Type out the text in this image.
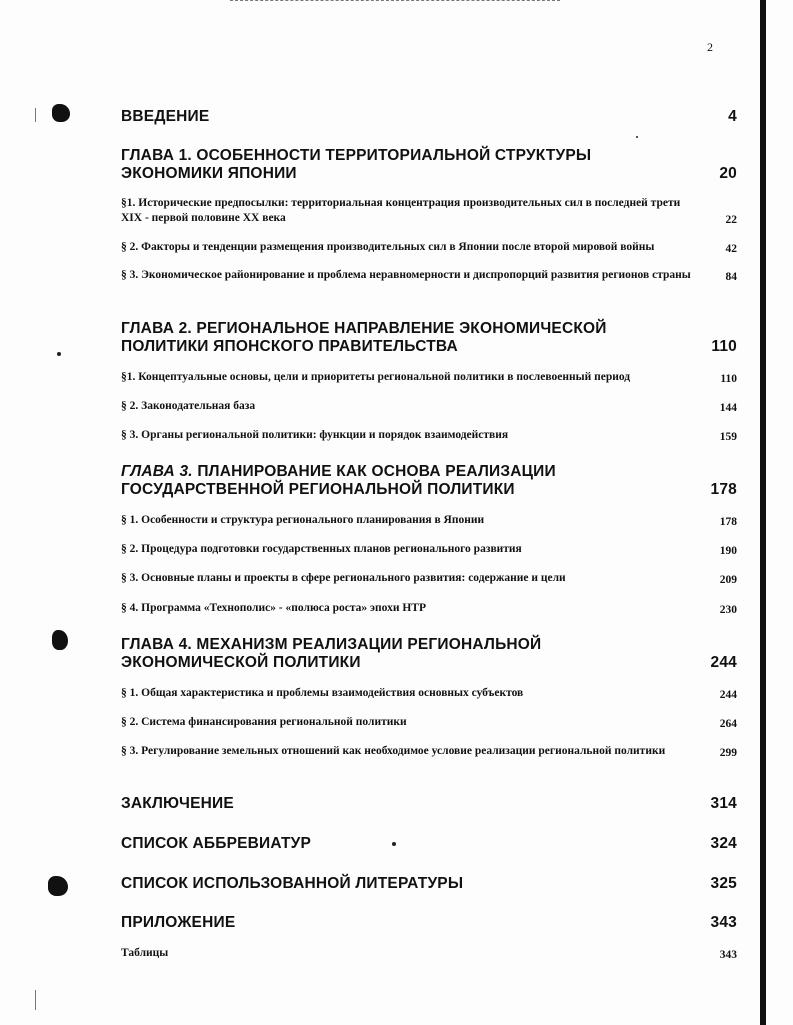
2
ВВЕДЕНИЕ	4
ГЛАВА 1. ОСОБЕННОСТИ ТЕРРИТОРИАЛЬНОЙ СТРУКТУРЫ ЭКОНОМИКИ ЯПОНИИ	20
§1. Исторические предпосылки: территориальная концентрация производительных сил в последней трети XIX - первой половине XX века	22
§ 2. Факторы и тенденции размещения производительных сил в Японии после второй мировой войны	42
§ 3. Экономическое районирование и проблема неравномерности и диспропорций развития регионов страны	84
ГЛАВА 2. РЕГИОНАЛЬНОЕ НАПРАВЛЕНИЕ ЭКОНОМИЧЕСКОЙ ПОЛИТИКИ ЯПОНСКОГО ПРАВИТЕЛЬСТВА	110
§1. Концептуальные основы, цели и приоритеты региональной политики в послевоенный период	110
§ 2. Законодательная база	144
§ 3. Органы региональной политики: функции и порядок взаимодействия	159
ГЛАВА 3. ПЛАНИРОВАНИЕ КАК ОСНОВА РЕАЛИЗАЦИИ ГОСУДАРСТВЕННОЙ РЕГИОНАЛЬНОЙ ПОЛИТИКИ	178
§ 1. Особенности и структура регионального планирования в Японии	178
§ 2. Процедура подготовки государственных планов регионального развития	190
§ 3. Основные планы и проекты в сфере регионального развития: содержание и цели	209
§ 4. Программа «Технополис» - «полюса роста» эпохи НТР	230
ГЛАВА 4. МЕХАНИЗМ РЕАЛИЗАЦИИ РЕГИОНАЛЬНОЙ ЭКОНОМИЧЕСКОЙ ПОЛИТИКИ	244
§ 1. Общая характеристика и проблемы взаимодействия основных субъектов	244
§ 2. Система финансирования региональной политики	264
§ 3. Регулирование земельных отношений как необходимое условие реализации региональной политики	299
ЗАКЛЮЧЕНИЕ	314
СПИСОК АББРЕВИАТУР	324
СПИСОК ИСПОЛЬЗОВАННОЙ ЛИТЕРАТУРЫ	325
ПРИЛОЖЕНИЕ	343
Таблицы	343
